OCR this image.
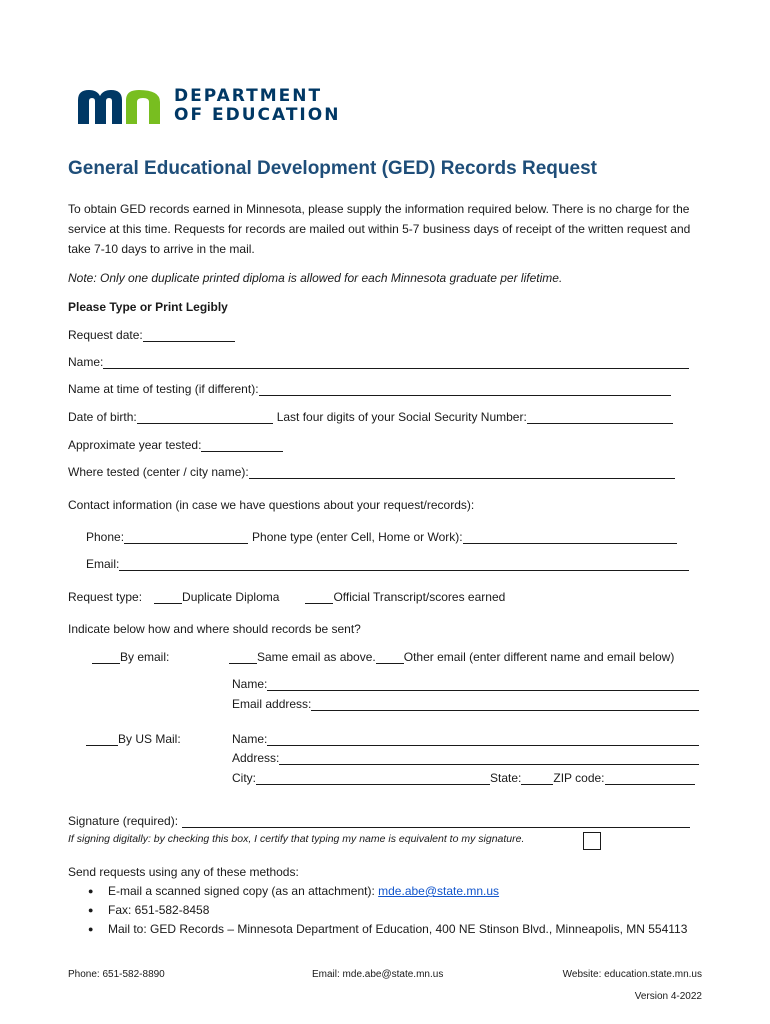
DEPARTMENT
OF EDUCATION
General Educational Development (GED) Records Request
To obtain GED records earned in Minnesota, please supply the information required below. There is no charge for the service at this time. Requests for records are mailed out within 5-7 business days of receipt of the written request and take 7-10 days to arrive in the mail.
Note: Only one duplicate printed diploma is allowed for each Minnesota graduate per lifetime.
Please Type or Print Legibly
Request date:
Name:
Name at time of testing (if different):
Date of birth:	Last four digits of your Social Security Number:
Approximate year tested:
Where tested (center / city name):
Contact information (in case we have questions about your request/records):
Phone:	Phone type (enter Cell, Home or Work):
Email:
Request type:	Duplicate Diploma	Official Transcript/scores earned
Indicate below how and where should records be sent?
By email:	Same email as above. Other email (enter different name and email below)
Name:
Email address:
By US Mail:	Name:
Address:
City:	State:	ZIP code:
Signature (required):
If signing digitally: by checking this box, I certify that typing my name is equivalent to my signature.
Send requests using any of these methods:
● E-mail a scanned signed copy (as an attachment): mde.abe@state.mn.us
● Fax: 651-582-8458
● Mail to: GED Records – Minnesota Department of Education, 400 NE Stinson Blvd., Minneapolis, MN 554113
Phone: 651-582-8890	Email: mde.abe@state.mn.us	Website: education.state.mn.us
Version 4-2022
